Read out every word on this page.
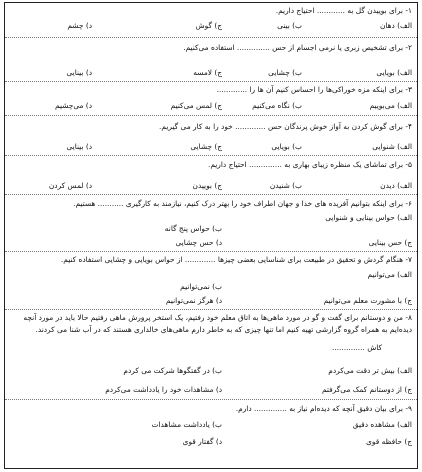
۱- برای بوییدن گل به ............ احتیاج داریم.
الف) دهان
ب) بینی
ج) گوش
د) چشم
۲- برای تشخیص زبری یا نرمی اجسام از حس .............. استفاده می‌کنیم.
الف) بویایی
ب) چشایی
ج) لامسه
د) بینایی
۳- برای اینکه مزه خوراکی‌ها را احساس کنیم آن ها را .............
الف) می‌بوییم
ب) نگاه می‌کنیم
ج) لمس می‌کنیم
د) می‌چشیم
۴- برای گوش کردن به آواز خوش پرندگان حس ............. خود را به کار می گیریم.
الف) شنوایی
ب) بویایی
ج) چشایی
د) بینایی
۵- برای تماشای یک منظره زیبای بهاری به .............. احتیاج داریم.
الف) دیدن
ب) شنیدن
ج) بوییدن
د) لمس کردن
۶- برای اینکه بتوانیم آفریده های خدا و جهان اطراف خود را بهتر درک کنیم، نیازمند به کارگیری ........... هستیم.
الف) حواس بینایی و شنوایی
ب) حواس پنج گانه
ج) حس بینایی
د) حس چشایی
۷- هنگام گردش و تحقیق در طبیعت برای شناسایی بعضی چیزها ............. از حواس بویایی و چشایی استفاده کنیم.
الف) می‌توانیم
ب) نمی‌توانیم
ج) با مشورت معلم می‌توانیم
د) هرگز نمی‌توانیم
۸- من و دوستانم برای گفت و گو در مورد ماهی‌ها به اتاق معلم خود رفتیم، یک استخر پرورش ماهی رفتیم حالا باید در مورد آنچه
دیده‌ایم به همراه گروه گزارشی تهیه کنیم اما تنها چیزی که به خاطر دارم ماهی‌های خالداری هستند که در آب شنا می کردند.
کاش ..............
الف) بیش تر دقت می‌کردم
ب) در گفتگوها شرکت می کردم
ج) از دوستانم کمک می‌گرفتم
د) مشاهدات خود را یادداشت می‌کردم
۹- برای بیان دقیق آنچه که دیده‌ام نیاز به .............. دارم.
الف) مشاهده دقیق
ب) یادداشت مشاهدات
ج) حافظه قوی
د) گفتار قوی
